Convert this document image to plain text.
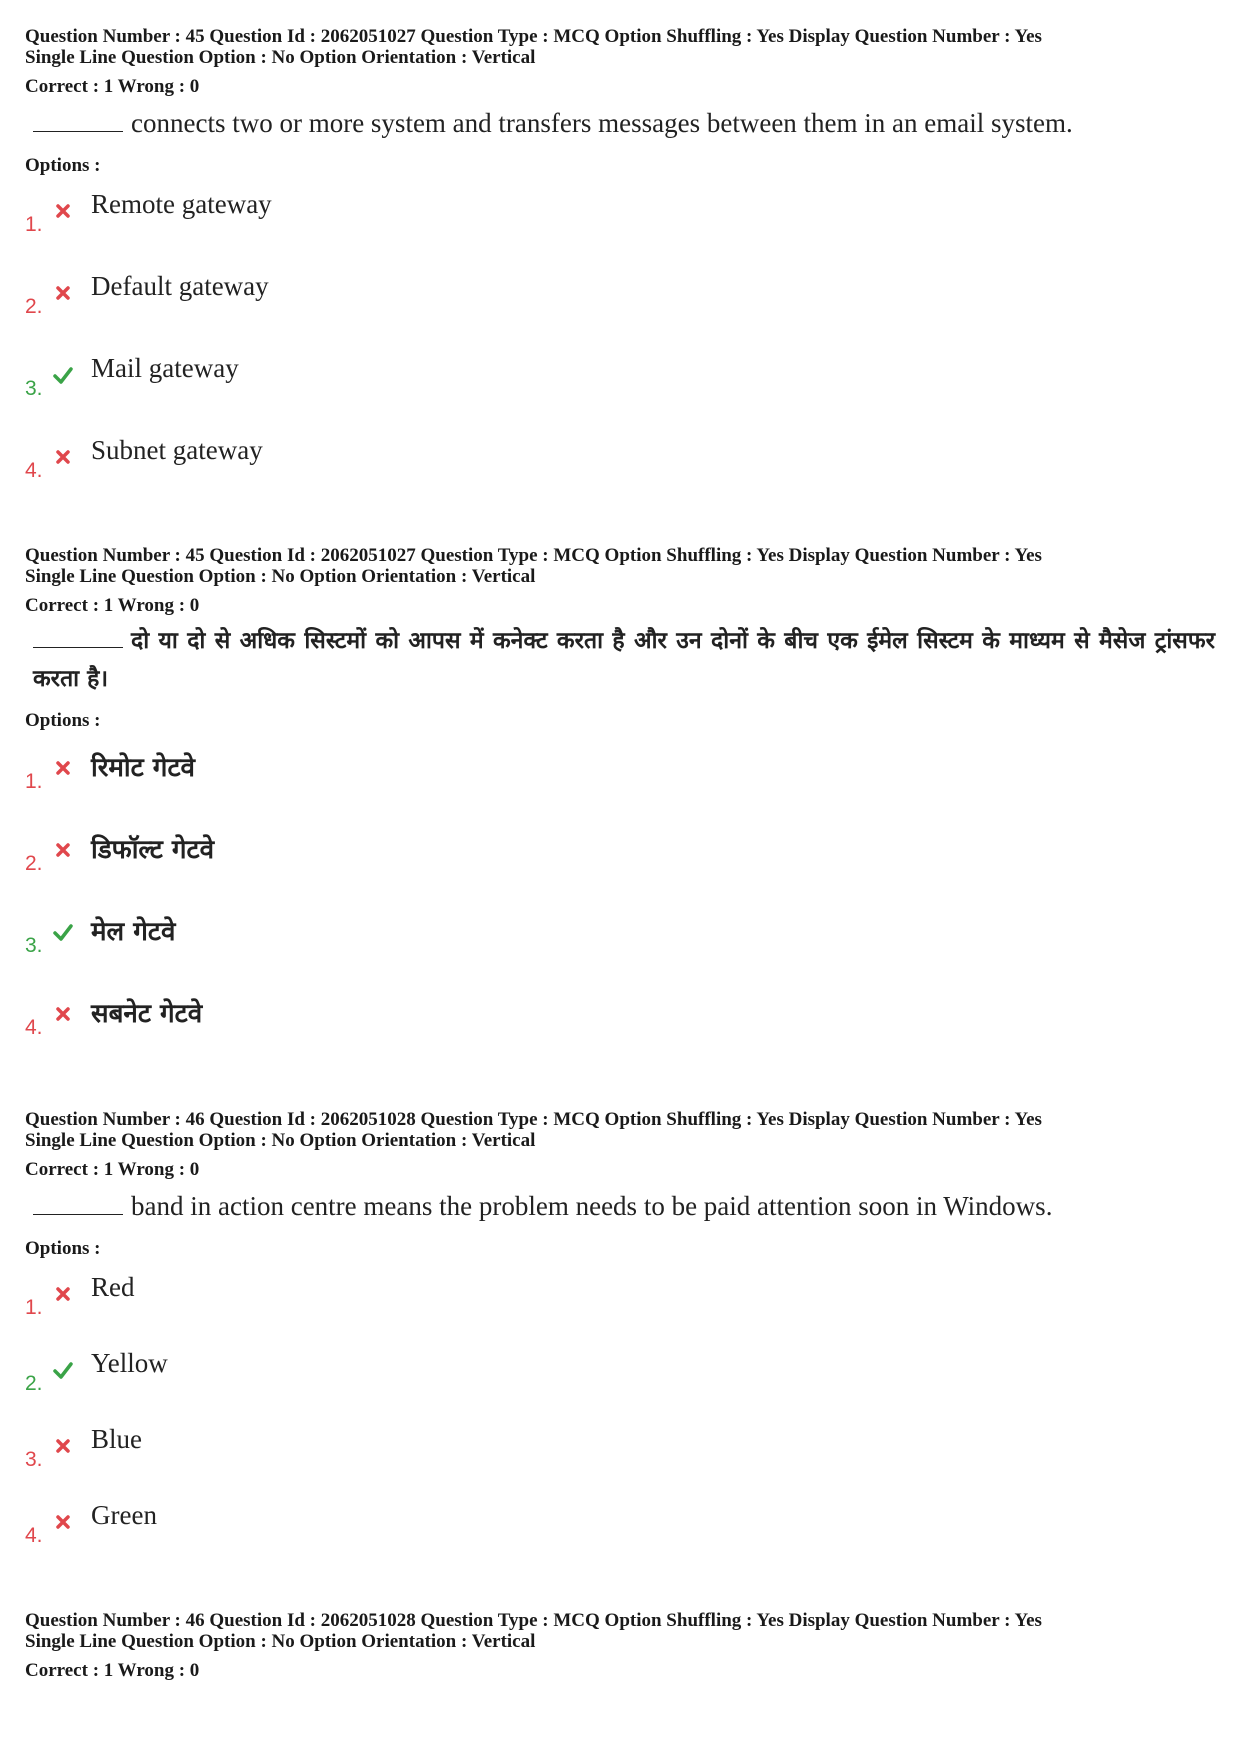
Question Number : 45 Question Id : 2062051027 Question Type : MCQ Option Shuffling : Yes Display Question Number : Yes
Single Line Question Option : No Option Orientation : Vertical
Correct : 1 Wrong : 0
connects two or more system and transfers messages between them in an email system.
Options :
1.
Remote gateway
2.
Default gateway
3.
Mail gateway
4.
Subnet gateway
Question Number : 45 Question Id : 2062051027 Question Type : MCQ Option Shuffling : Yes Display Question Number : Yes
Single Line Question Option : No Option Orientation : Vertical
Correct : 1 Wrong : 0
दो या दो से अधिक सिस्टमों को आपस में कनेक्ट करता है और उन दोनों के बीच एक ईमेल सिस्टम के माध्यम से मैसेज ट्रांसफर करता है।
Options :
1. रिमोट गेटवे
2. डिफॉल्ट गेटवे
3. मेल गेटवे
4. सबनेट गेटवे
Question Number : 46 Question Id : 2062051028 Question Type : MCQ Option Shuffling : Yes Display Question Number : Yes
Single Line Question Option : No Option Orientation : Vertical
Correct : 1 Wrong : 0
band in action centre means the problem needs to be paid attention soon in Windows.
Options :
1.
Red
2.
Yellow
3.
Blue
4.
Green
Question Number : 46 Question Id : 2062051028 Question Type : MCQ Option Shuffling : Yes Display Question Number : Yes
Single Line Question Option : No Option Orientation : Vertical
Correct : 1 Wrong : 0
